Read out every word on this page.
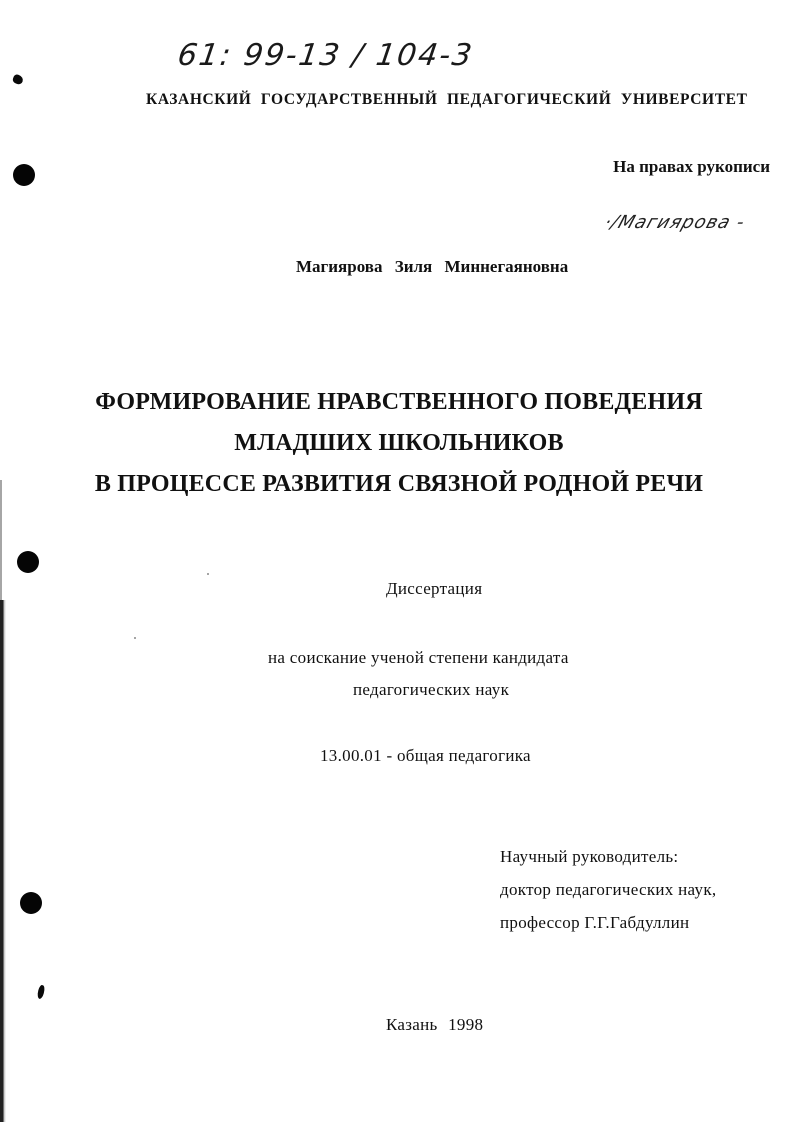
61: 99-13 / 104-3
КАЗАНСКИЙ ГОСУДАРСТВЕННЫЙ ПЕДАГОГИЧЕСКИЙ УНИВЕРСИТЕТ
На правах рукописи
·/Магиярова -
Магиярова Зиля Миннегаяновна
ФОРМИРОВАНИЕ НРАВСТВЕННОГО ПОВЕДЕНИЯ
МЛАДШИХ ШКОЛЬНИКОВ
В ПРОЦЕССЕ РАЗВИТИЯ СВЯЗНОЙ РОДНОЙ РЕЧИ
Диссертация
на соискание ученой степени кандидата
педагогических наук
13.00.01 - общая педагогика
Научный руководитель:
доктор педагогических наук,
профессор Г.Г.Габдуллин
Казань 1998
